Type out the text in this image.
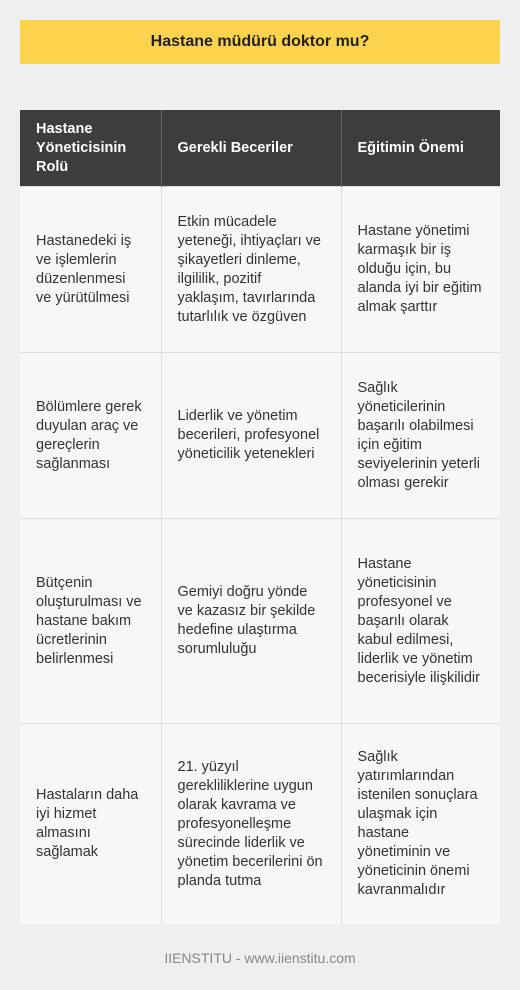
Hastane müdürü doktor mu?
Hastane Yöneticisinin Rolü	Gerekli Beceriler	Eğitimin Önemi
Hastanedeki iş ve işlemlerin düzenlenmesi ve yürütülmesi	Etkin mücadele yeteneği, ihtiyaçları ve şikayetleri dinleme, ilgililik, pozitif yaklaşım, tavırlarında tutarlılık ve özgüven	Hastane yönetimi karmaşık bir iş olduğu için, bu alanda iyi bir eğitim almak şarttır
Bölümlere gerek duyulan araç ve gereçlerin sağlanması	Liderlik ve yönetim becerileri, profesyonel yöneticilik yetenekleri	Sağlık yöneticilerinin başarılı olabilmesi için eğitim seviyelerinin yeterli olması gerekir
Bütçenin oluşturulması ve hastane bakım ücretlerinin belirlenmesi	Gemiyi doğru yönde ve kazasız bir şekilde hedefine ulaştırma sorumluluğu	Hastane yöneticisinin profesyonel ve başarılı olarak kabul edilmesi, liderlik ve yönetim becerisiyle ilişkilidir
Hastaların daha iyi hizmet almasını sağlamak	21. yüzyıl gerekliliklerine uygun olarak kavrama ve profesyonelleşme sürecinde liderlik ve yönetim becerilerini ön planda tutma	Sağlık yatırımlarından istenilen sonuçlara ulaşmak için hastane yönetiminin ve yöneticinin önemi kavranmalıdır
IIENSTITU - www.iienstitu.com
